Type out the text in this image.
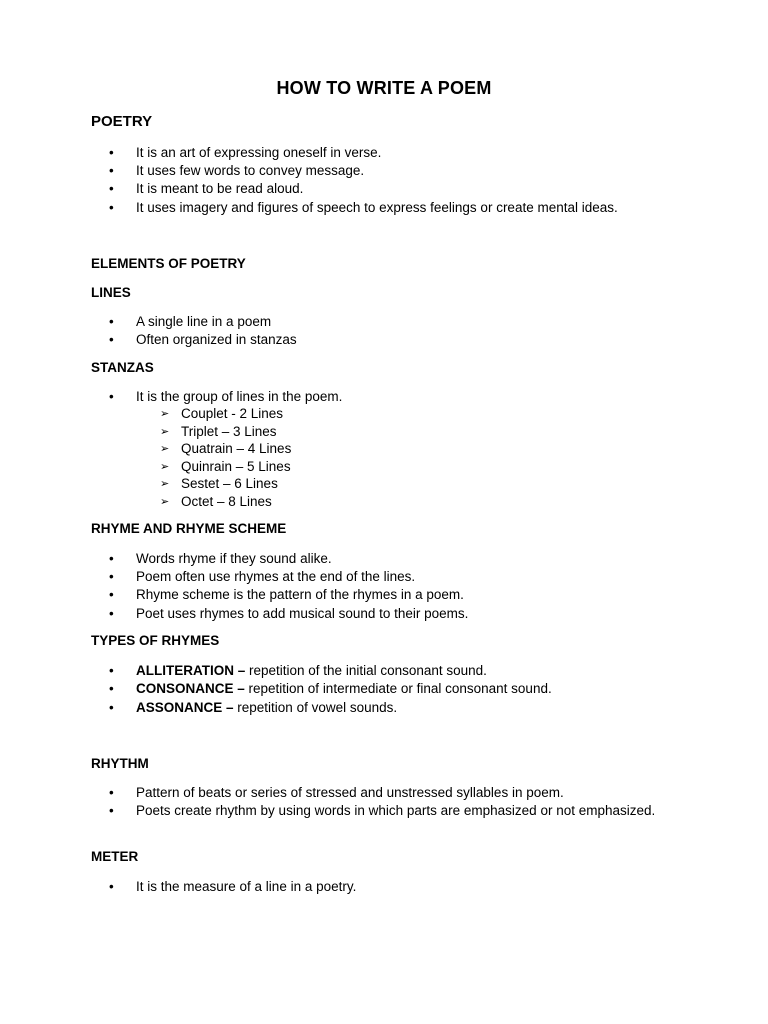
HOW TO WRITE A POEM
POETRY
• It is an art of expressing oneself in verse.
• It uses few words to convey message.
• It is meant to be read aloud.
• It uses imagery and figures of speech to express feelings or create mental ideas.
ELEMENTS OF POETRY
LINES
• A single line in a poem
• Often organized in stanzas
STANZAS
• It is the group of lines in the poem.
➢ Couplet - 2 Lines
➢ Triplet – 3 Lines
➢ Quatrain – 4 Lines
➢ Quinrain – 5 Lines
➢ Sestet – 6 Lines
➢ Octet – 8 Lines
RHYME AND RHYME SCHEME
• Words rhyme if they sound alike.
• Poem often use rhymes at the end of the lines.
• Rhyme scheme is the pattern of the rhymes in a poem.
• Poet uses rhymes to add musical sound to their poems.
TYPES OF RHYMES
• ALLITERATION – repetition of the initial consonant sound.
• CONSONANCE – repetition of intermediate or final consonant sound.
• ASSONANCE – repetition of vowel sounds.
RHYTHM
• Pattern of beats or series of stressed and unstressed syllables in poem.
• Poets create rhythm by using words in which parts are emphasized or not emphasized.
METER
• It is the measure of a line in a poetry.
